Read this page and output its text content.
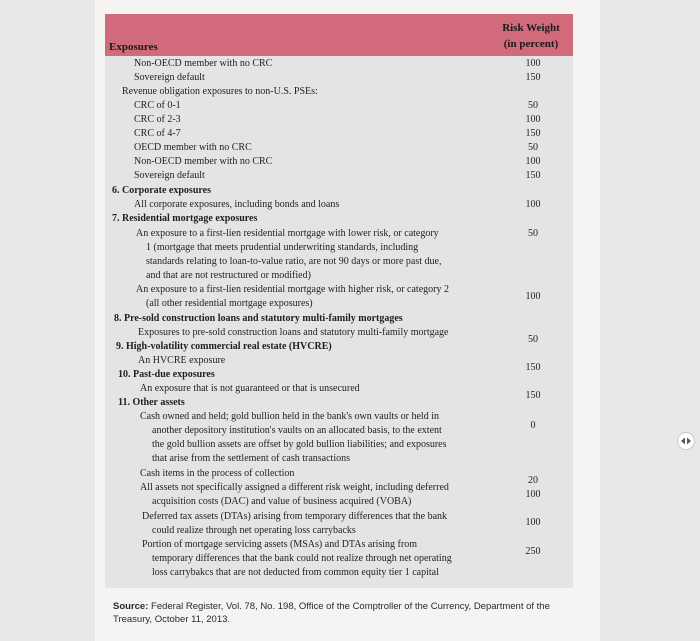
Exposures
Risk Weight
(in percent)
Non-OECD member with no CRC
Sovereign default
Revenue obligation exposures to non-U.S. PSEs:
CRC of 0-1
CRC of 2-3
CRC of 4-7
OECD member with no CRC
Non-OECD member with no CRC
Sovereign default
6. Corporate exposures
All corporate exposures, including bonds and loans
7. Residential mortgage exposures
An exposure to a first-lien residential mortgage with lower risk, or category
1 (mortgage that meets prudential underwriting standards, including
standards relating to loan-to-value ratio, are not 90 days or more past due,
and that are not restructured or modified)
An exposure to a first-lien residential mortgage with higher risk, or category 2
(all other residential mortgage exposures)
8. Pre-sold construction loans and statutory multi-family mortgages
Exposures to pre-sold construction loans and statutory multi-family mortgage
9. High-volatility commercial real estate (HVCRE)
An HVCRE exposure
10. Past-due exposures
An exposure that is not guaranteed or that is unsecured
11. Other assets
Cash owned and held; gold bullion held in the bank's own vaults or held in
another depository institution's vaults on an allocated basis, to the extent
the gold bullion assets are offset by gold bullion liabilities; and exposures
that arise from the settlement of cash transactions
Cash items in the process of collection
All assets not specifically assigned a different risk weight, including deferred
acquisition costs (DAC) and value of business acquired (VOBA)
Deferred tax assets (DTAs) arising from temporary differences that the bank
could realize through net operating loss carrybacks
Portion of mortgage servicing assets (MSAs) and DTAs arising from
temporary differences that the bank could not realize through net operating
loss carrybakcs that are not deducted from common equity tier 1 capital
100
150
50
100
150
50
100
150
100
50
100
50
150
150
0
20
100
100
250
Source: Federal Register, Vol. 78, No. 198, Office of the Comptroller of the Currency, Department of the Treasury, October 11, 2013.
